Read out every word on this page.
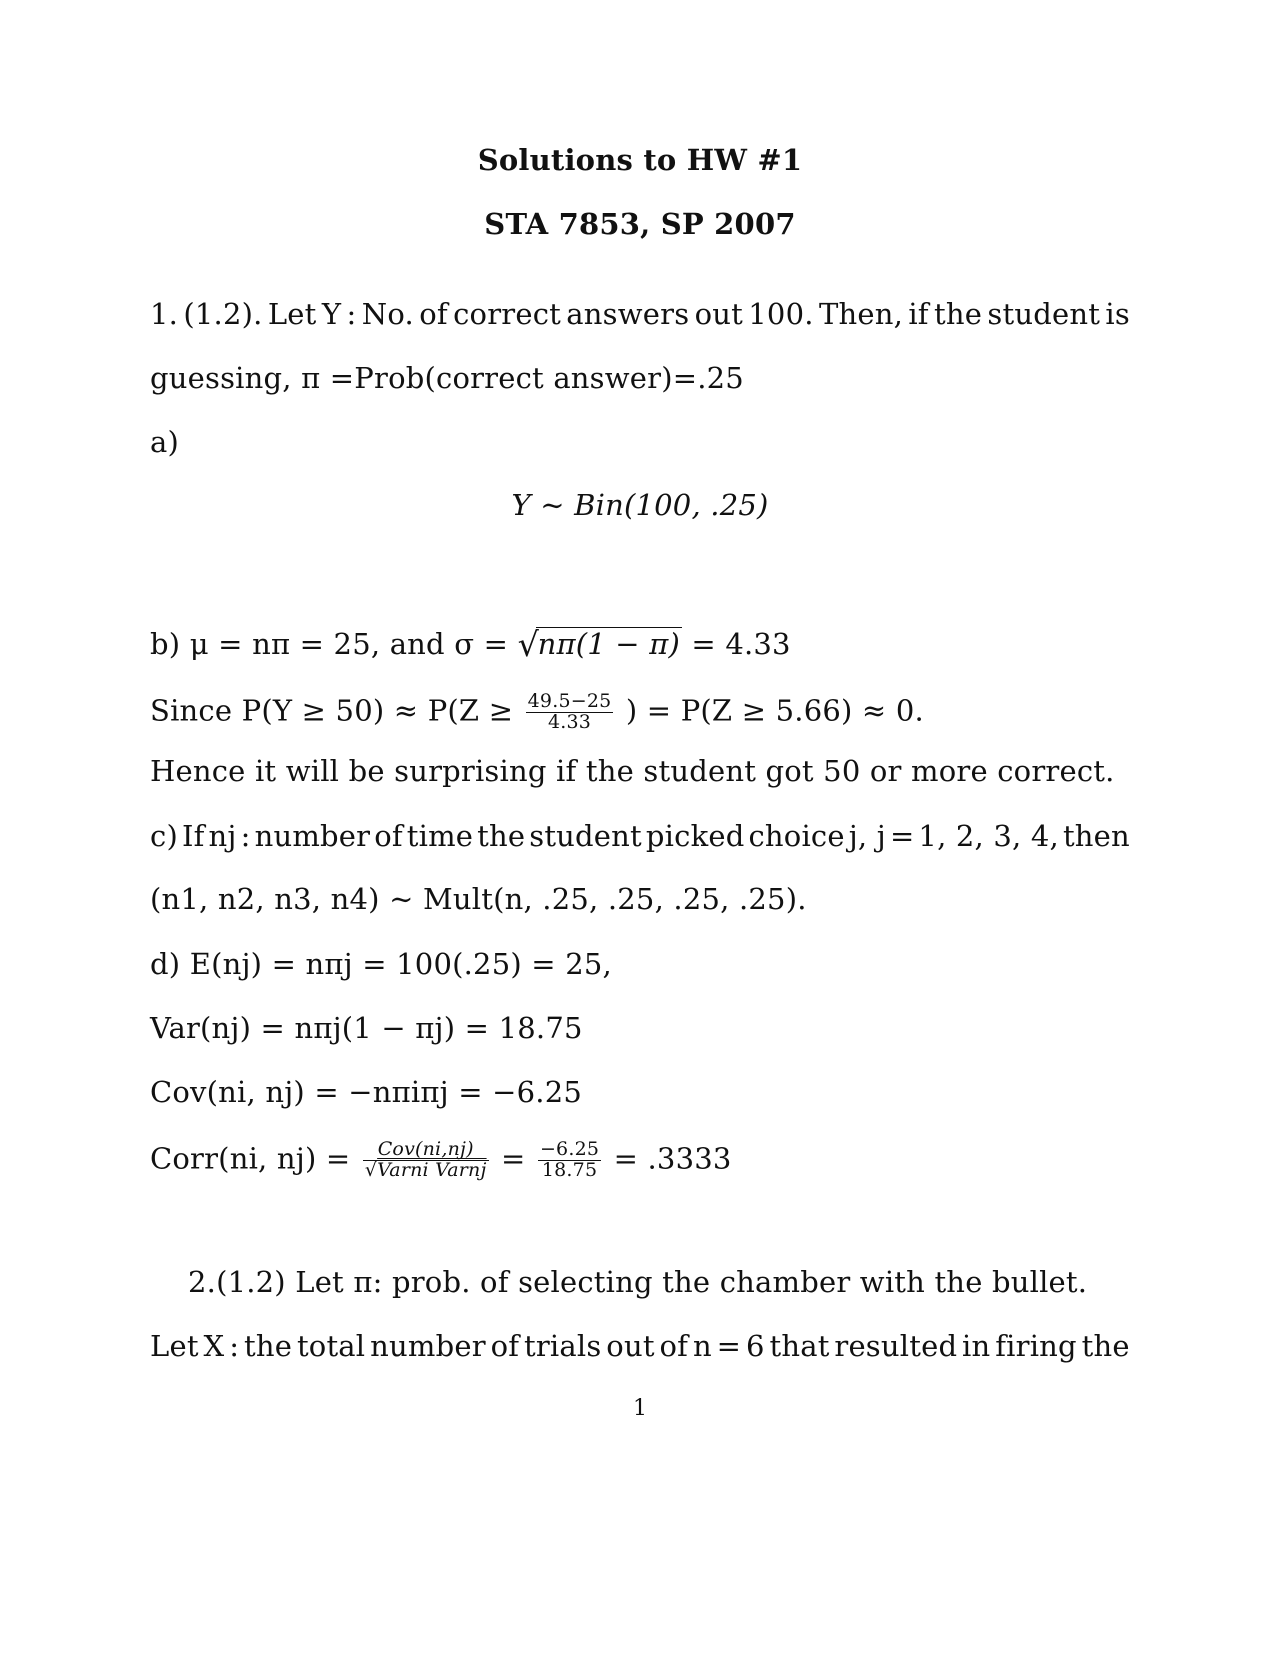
Solutions to HW #1
STA 7853, SP 2007
1. (1.2). Let Y : No. of correct answers out 100. Then, if the student is
guessing, π =Prob(correct answer)=.25
a)
Y ∼ Bin(100, .25)
b) μ = nπ = 25, and σ = √
nπ(1 − π) = 4.33
Since $P(Y \ge 50) \approx P(Z \ge \frac{49.5-25}{4.33}$ ) = P(Z ≥ 5.66) ≈ 0.
Hence it will be surprising if the student got 50 or more correct.
c) If nj : number of time the student picked choice j, j = 1, 2, 3, 4, then
(n1, n2, n3, n4) ∼ Mult(n, .25, .25, .25, .25).
d) E(nj) = nπj = 100(.25) = 25,
Var(nj) = nπj(1 − πj) = 18.75
Cov(ni, nj) = −nπiπj = −6.25
Corr(ni, $nj) = \frac{\text{Cov(ni,nj)}}{\text{√Varni Varnj}} = \frac{-6.25}{18.75} = .3333$
2.(1.2) Let π: prob. of selecting the chamber with the bullet.
Let X : the total number of trials out of n = 6 that resulted in firing the
1
